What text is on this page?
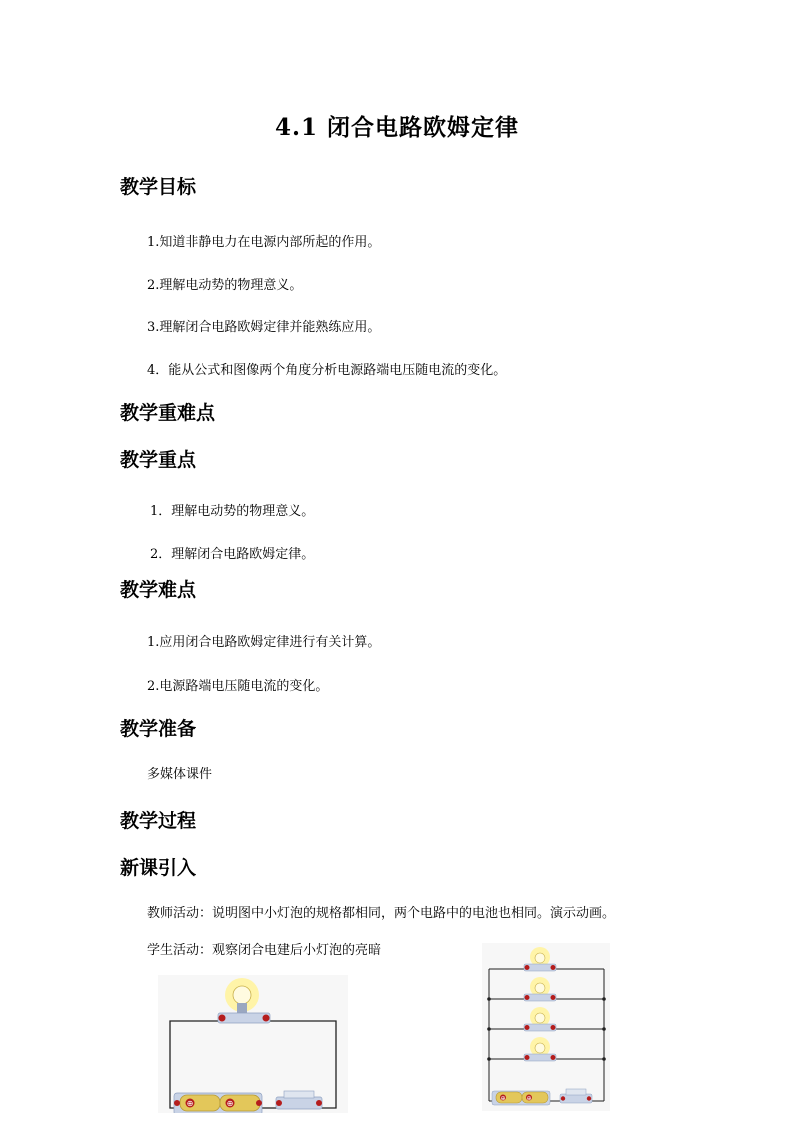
4.1 闭合电路欧姆定律
教学目标
1.知道非静电力在电源内部所起的作用。
2.理解电动势的物理意义。
3.理解闭合电路欧姆定律并能熟练应用。
4．能从公式和图像两个角度分析电源路端电压随电流的变化。
教学重难点
教学重点
1．理解电动势的物理意义。
2．理解闭合电路欧姆定律。
教学难点
1.应用闭合电路欧姆定律进行有关计算。
2.电源路端电压随电流的变化。
教学准备
多媒体课件
教学过程
新课引入
教师活动：说明图中小灯泡的规格都相同，两个电路中的电池也相同。演示动画。
学生活动：观察闭合电建后小灯泡的亮暗
⊕	⊕
⊕	⊕
